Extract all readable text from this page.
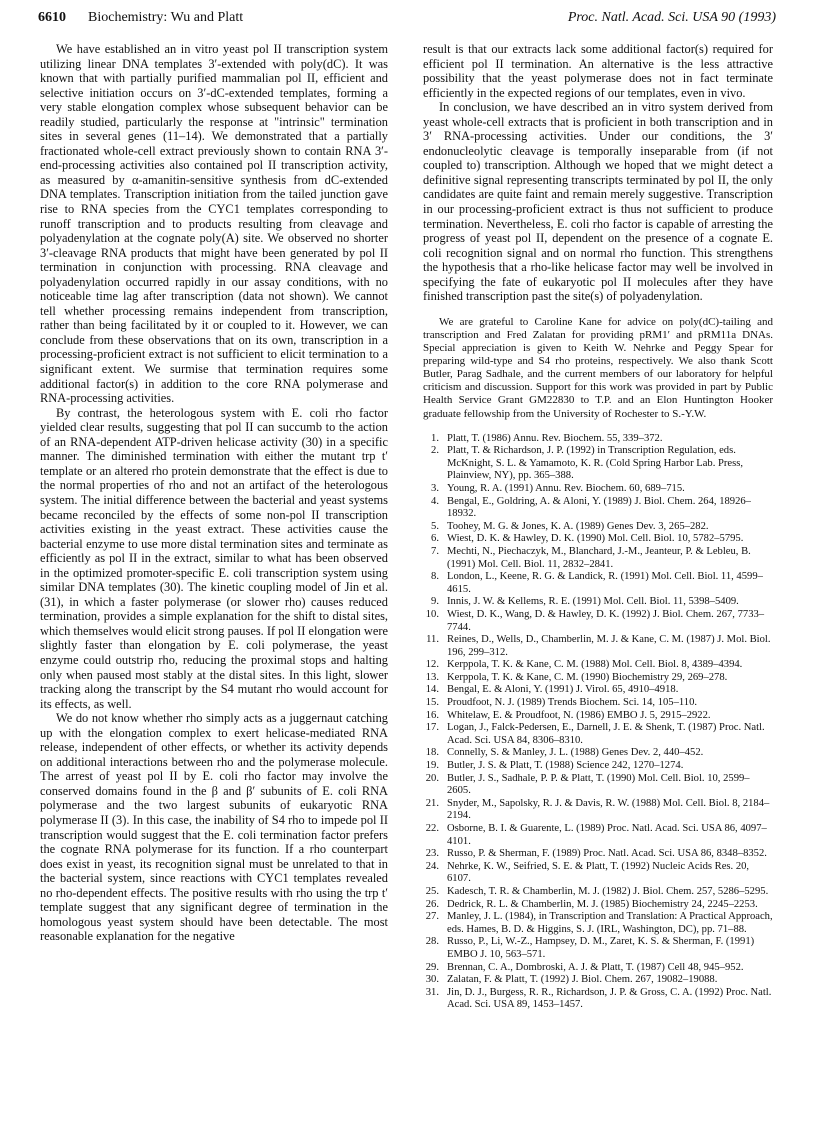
6610 Biochemistry: Wu and Platt	Proc. Natl. Acad. Sci. USA 90 (1993)

We have established an in vitro yeast pol II transcription system utilizing linear DNA templates 3′-extended with poly(dC). It was known that with partially purified mammalian pol II, efficient and selective initiation occurs on 3′-dC-extended templates, forming a very stable elongation complex whose subsequent behavior can be readily studied, particularly the response at "intrinsic" termination sites in several genes (11–14). We demonstrated that a partially fractionated whole-cell extract previously shown to contain RNA 3′-end-processing activities also contained pol II transcription activity, as measured by α-amanitin-sensitive synthesis from dC-extended DNA templates. Transcription initiation from the tailed junction gave rise to RNA species from the CYC1 templates corresponding to runoff transcription and to products resulting from cleavage and polyadenylation at the cognate poly(A) site. We observed no shorter 3′-cleavage RNA products that might have been generated by pol II termination in conjunction with processing. RNA cleavage and polyadenylation occurred rapidly in our assay conditions, with no noticeable time lag after transcription (data not shown). We cannot tell whether processing remains independent from transcription, rather than being facilitated by it or coupled to it. However, we can conclude from these observations that on its own, transcription in a processing-proficient extract is not sufficient to elicit termination to a significant extent. We surmise that termination requires some additional factor(s) in addition to the core RNA polymerase and RNA-processing activities.

By contrast, the heterologous system with E. coli rho factor yielded clear results, suggesting that pol II can succumb to the action of an RNA-dependent ATP-driven helicase activity (30) in a specific manner. The diminished termination with either the mutant trp t′ template or an altered rho protein demonstrate that the effect is due to the normal properties of rho and not an artifact of the heterologous system. The initial difference between the bacterial and yeast systems became reconciled by the effects of some non-pol II transcription activities existing in the yeast extract. These activities cause the bacterial enzyme to use more distal termination sites and terminate as efficiently as pol II in the extract, similar to what has been observed in the optimized promoter-specific E. coli transcription system using similar DNA templates (30). The kinetic coupling model of Jin et al. (31), in which a faster polymerase (or slower rho) causes reduced termination, provides a simple explanation for the shift to distal sites, which themselves would elicit strong pauses. If pol II elongation were slightly faster than elongation by E. coli polymerase, the yeast enzyme could outstrip rho, reducing the proximal stops and halting only when paused most stably at the distal sites. In this light, slower tracking along the transcript by the S4 mutant rho would account for its effects, as well.

We do not know whether rho simply acts as a juggernaut catching up with the elongation complex to exert helicase-mediated RNA release, independent of other effects, or whether its activity depends on additional interactions between rho and the polymerase molecule. The arrest of yeast pol II by E. coli rho factor may involve the conserved domains found in the β and β′ subunits of E. coli RNA polymerase and the two largest subunits of eukaryotic RNA polymerase II (3). In this case, the inability of S4 rho to impede pol II transcription would suggest that the E. coli termination factor prefers the cognate RNA polymerase for its function. If a rho counterpart does exist in yeast, its recognition signal must be unrelated to that in the bacterial system, since reactions with CYC1 templates revealed no rho-dependent effects. The positive results with rho using the trp t′ template suggest that any significant degree of termination in the homologous yeast system should have been detectable. The most reasonable explanation for the negative

result is that our extracts lack some additional factor(s) required for efficient pol II termination. An alternative is the less attractive possibility that the yeast polymerase does not in fact terminate efficiently in the expected regions of our templates, even in vivo.

In conclusion, we have described an in vitro system derived from yeast whole-cell extracts that is proficient in both transcription and in 3′ RNA-processing activities. Under our conditions, the 3′ endonucleolytic cleavage is temporally inseparable from (if not coupled to) transcription. Although we hoped that we might detect a definitive signal representing transcripts terminated by pol II, the only candidates are quite faint and remain merely suggestive. Transcription in our processing-proficient extract is thus not sufficient to produce termination. Nevertheless, E. coli rho factor is capable of arresting the progress of yeast pol II, dependent on the presence of a cognate E. coli recognition signal and on normal rho function. This strengthens the hypothesis that a rho-like helicase factor may well be involved in specifying the fate of eukaryotic pol II molecules after they have finished transcription past the site(s) of polyadenylation.

We are grateful to Caroline Kane for advice on poly(dC)-tailing and transcription and Fred Zalatan for providing pRM1′ and pRM11a DNAs. Special appreciation is given to Keith W. Nehrke and Peggy Spear for preparing wild-type and S4 rho proteins, respectively. We also thank Scott Butler, Parag Sadhale, and the current members of our laboratory for helpful criticism and discussion. Support for this work was provided in part by Public Health Service Grant GM22830 to T.P. and an Elon Huntington Hooker graduate fellowship from the University of Rochester to S.-Y.W.

1. Platt, T. (1986) Annu. Rev. Biochem. 55, 339–372.
2. Platt, T. & Richardson, J. P. (1992) in Transcription Regulation, eds. McKnight, S. L. & Yamamoto, K. R. (Cold Spring Harbor Lab. Press, Plainview, NY), pp. 365–388.
3. Young, R. A. (1991) Annu. Rev. Biochem. 60, 689–715.
4. Bengal, E., Goldring, A. & Aloni, Y. (1989) J. Biol. Chem. 264, 18926–18932.
5. Toohey, M. G. & Jones, K. A. (1989) Genes Dev. 3, 265–282.
6. Wiest, D. K. & Hawley, D. K. (1990) Mol. Cell. Biol. 10, 5782–5795.
7. Mechti, N., Piechaczyk, M., Blanchard, J.-M., Jeanteur, P. & Lebleu, B. (1991) Mol. Cell. Biol. 11, 2832–2841.
8. London, L., Keene, R. G. & Landick, R. (1991) Mol. Cell. Biol. 11, 4599–4615.
9. Innis, J. W. & Kellems, R. E. (1991) Mol. Cell. Biol. 11, 5398–5409.
10. Wiest, D. K., Wang, D. & Hawley, D. K. (1992) J. Biol. Chem. 267, 7733–7744.
11. Reines, D., Wells, D., Chamberlin, M. J. & Kane, C. M. (1987) J. Mol. Biol. 196, 299–312.
12. Kerppola, T. K. & Kane, C. M. (1988) Mol. Cell. Biol. 8, 4389–4394.
13. Kerppola, T. K. & Kane, C. M. (1990) Biochemistry 29, 269–278.
14. Bengal, E. & Aloni, Y. (1991) J. Virol. 65, 4910–4918.
15. Proudfoot, N. J. (1989) Trends Biochem. Sci. 14, 105–110.
16. Whitelaw, E. & Proudfoot, N. (1986) EMBO J. 5, 2915–2922.
17. Logan, J., Falck-Pedersen, E., Darnell, J. E. & Shenk, T. (1987) Proc. Natl. Acad. Sci. USA 84, 8306–8310.
18. Connelly, S. & Manley, J. L. (1988) Genes Dev. 2, 440–452.
19. Butler, J. S. & Platt, T. (1988) Science 242, 1270–1274.
20. Butler, J. S., Sadhale, P. P. & Platt, T. (1990) Mol. Cell. Biol. 10, 2599–2605.
21. Snyder, M., Sapolsky, R. J. & Davis, R. W. (1988) Mol. Cell. Biol. 8, 2184–2194.
22. Osborne, B. I. & Guarente, L. (1989) Proc. Natl. Acad. Sci. USA 86, 4097–4101.
23. Russo, P. & Sherman, F. (1989) Proc. Natl. Acad. Sci. USA 86, 8348–8352.
24. Nehrke, K. W., Seifried, S. E. & Platt, T. (1992) Nucleic Acids Res. 20, 6107.
25. Kadesch, T. R. & Chamberlin, M. J. (1982) J. Biol. Chem. 257, 5286–5295.
26. Dedrick, R. L. & Chamberlin, M. J. (1985) Biochemistry 24, 2245–2253.
27. Manley, J. L. (1984), in Transcription and Translation: A Practical Approach, eds. Hames, B. D. & Higgins, S. J. (IRL, Washington, DC), pp. 71–88.
28. Russo, P., Li, W.-Z., Hampsey, D. M., Zaret, K. S. & Sherman, F. (1991) EMBO J. 10, 563–571.
29. Brennan, C. A., Dombroski, A. J. & Platt, T. (1987) Cell 48, 945–952.
30. Zalatan, F. & Platt, T. (1992) J. Biol. Chem. 267, 19082–19088.
31. Jin, D. J., Burgess, R. R., Richardson, J. P. & Gross, C. A. (1992) Proc. Natl. Acad. Sci. USA 89, 1453–1457.
